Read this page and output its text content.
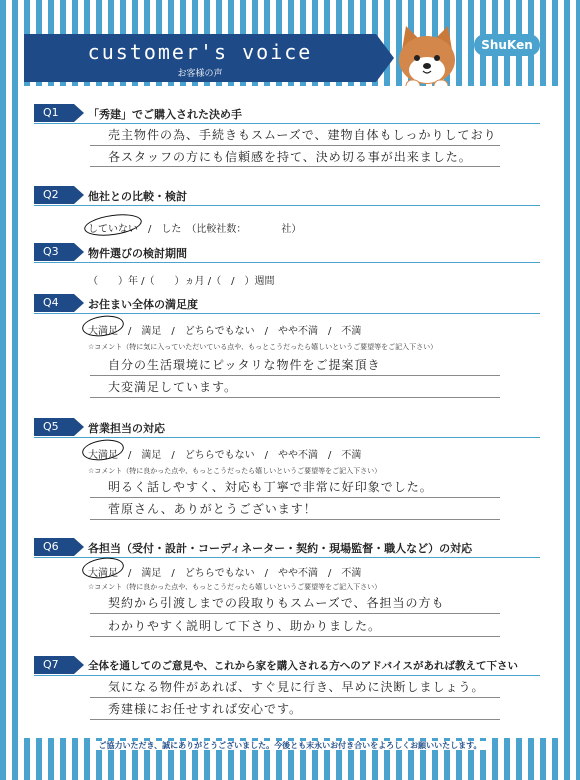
customer's voice
お客様の声
ShuKen
Q1	「秀建」でご購入された決め手
売主物件の為、手続きもスムーズで、建物自体もしっかりしており
各スタッフの方にも信頼感を持て、決め切る事が出来ました。
Q2	他社との比較・検討
していない　/　した　（比較社数：　　　　社）
Q3	物件選びの検討期間
（　　）年 /（　　）ヵ月 /（　/　）週間
Q4	お住まい全体の満足度
大満足　/　満足　/　どちらでもない　/　やや不満　/　不満
☆コメント（特に気に入っていただいている点や、もっとこうだったら嬉しいというご要望等をご記入下さい）
自分の生活環境にピッタリな物件をご提案頂き
大変満足しています。
Q5	営業担当の対応
大満足　/　満足　/　どちらでもない　/　やや不満　/　不満
☆コメント（特に良かった点や、もっとこうだったら嬉しいというご要望等をご記入下さい）
明るく話しやすく、対応も丁寧で非常に好印象でした。
菅原さん、ありがとうございます！
Q6	各担当（受付・設計・コーディネーター・契約・現場監督・職人など）の対応
大満足　/　満足　/　どちらでもない　/　やや不満　/　不満
☆コメント（特に良かった点や、もっとこうだったら嬉しいというご要望等をご記入下さい）
契約から引渡しまでの段取りもスムーズで、各担当の方も
わかりやすく説明して下さり、助かりました。
Q7	全体を通してのご意見や、これから家を購入される方へのアドバイスがあれば教えて下さい
気になる物件があれば、すぐ見に行き、早めに決断しましょう。
秀建様にお任せすれば安心です。
ご協力いただき、誠にありがとうございました。今後とも末永いお付き合いをよろしくお願いいたします。
